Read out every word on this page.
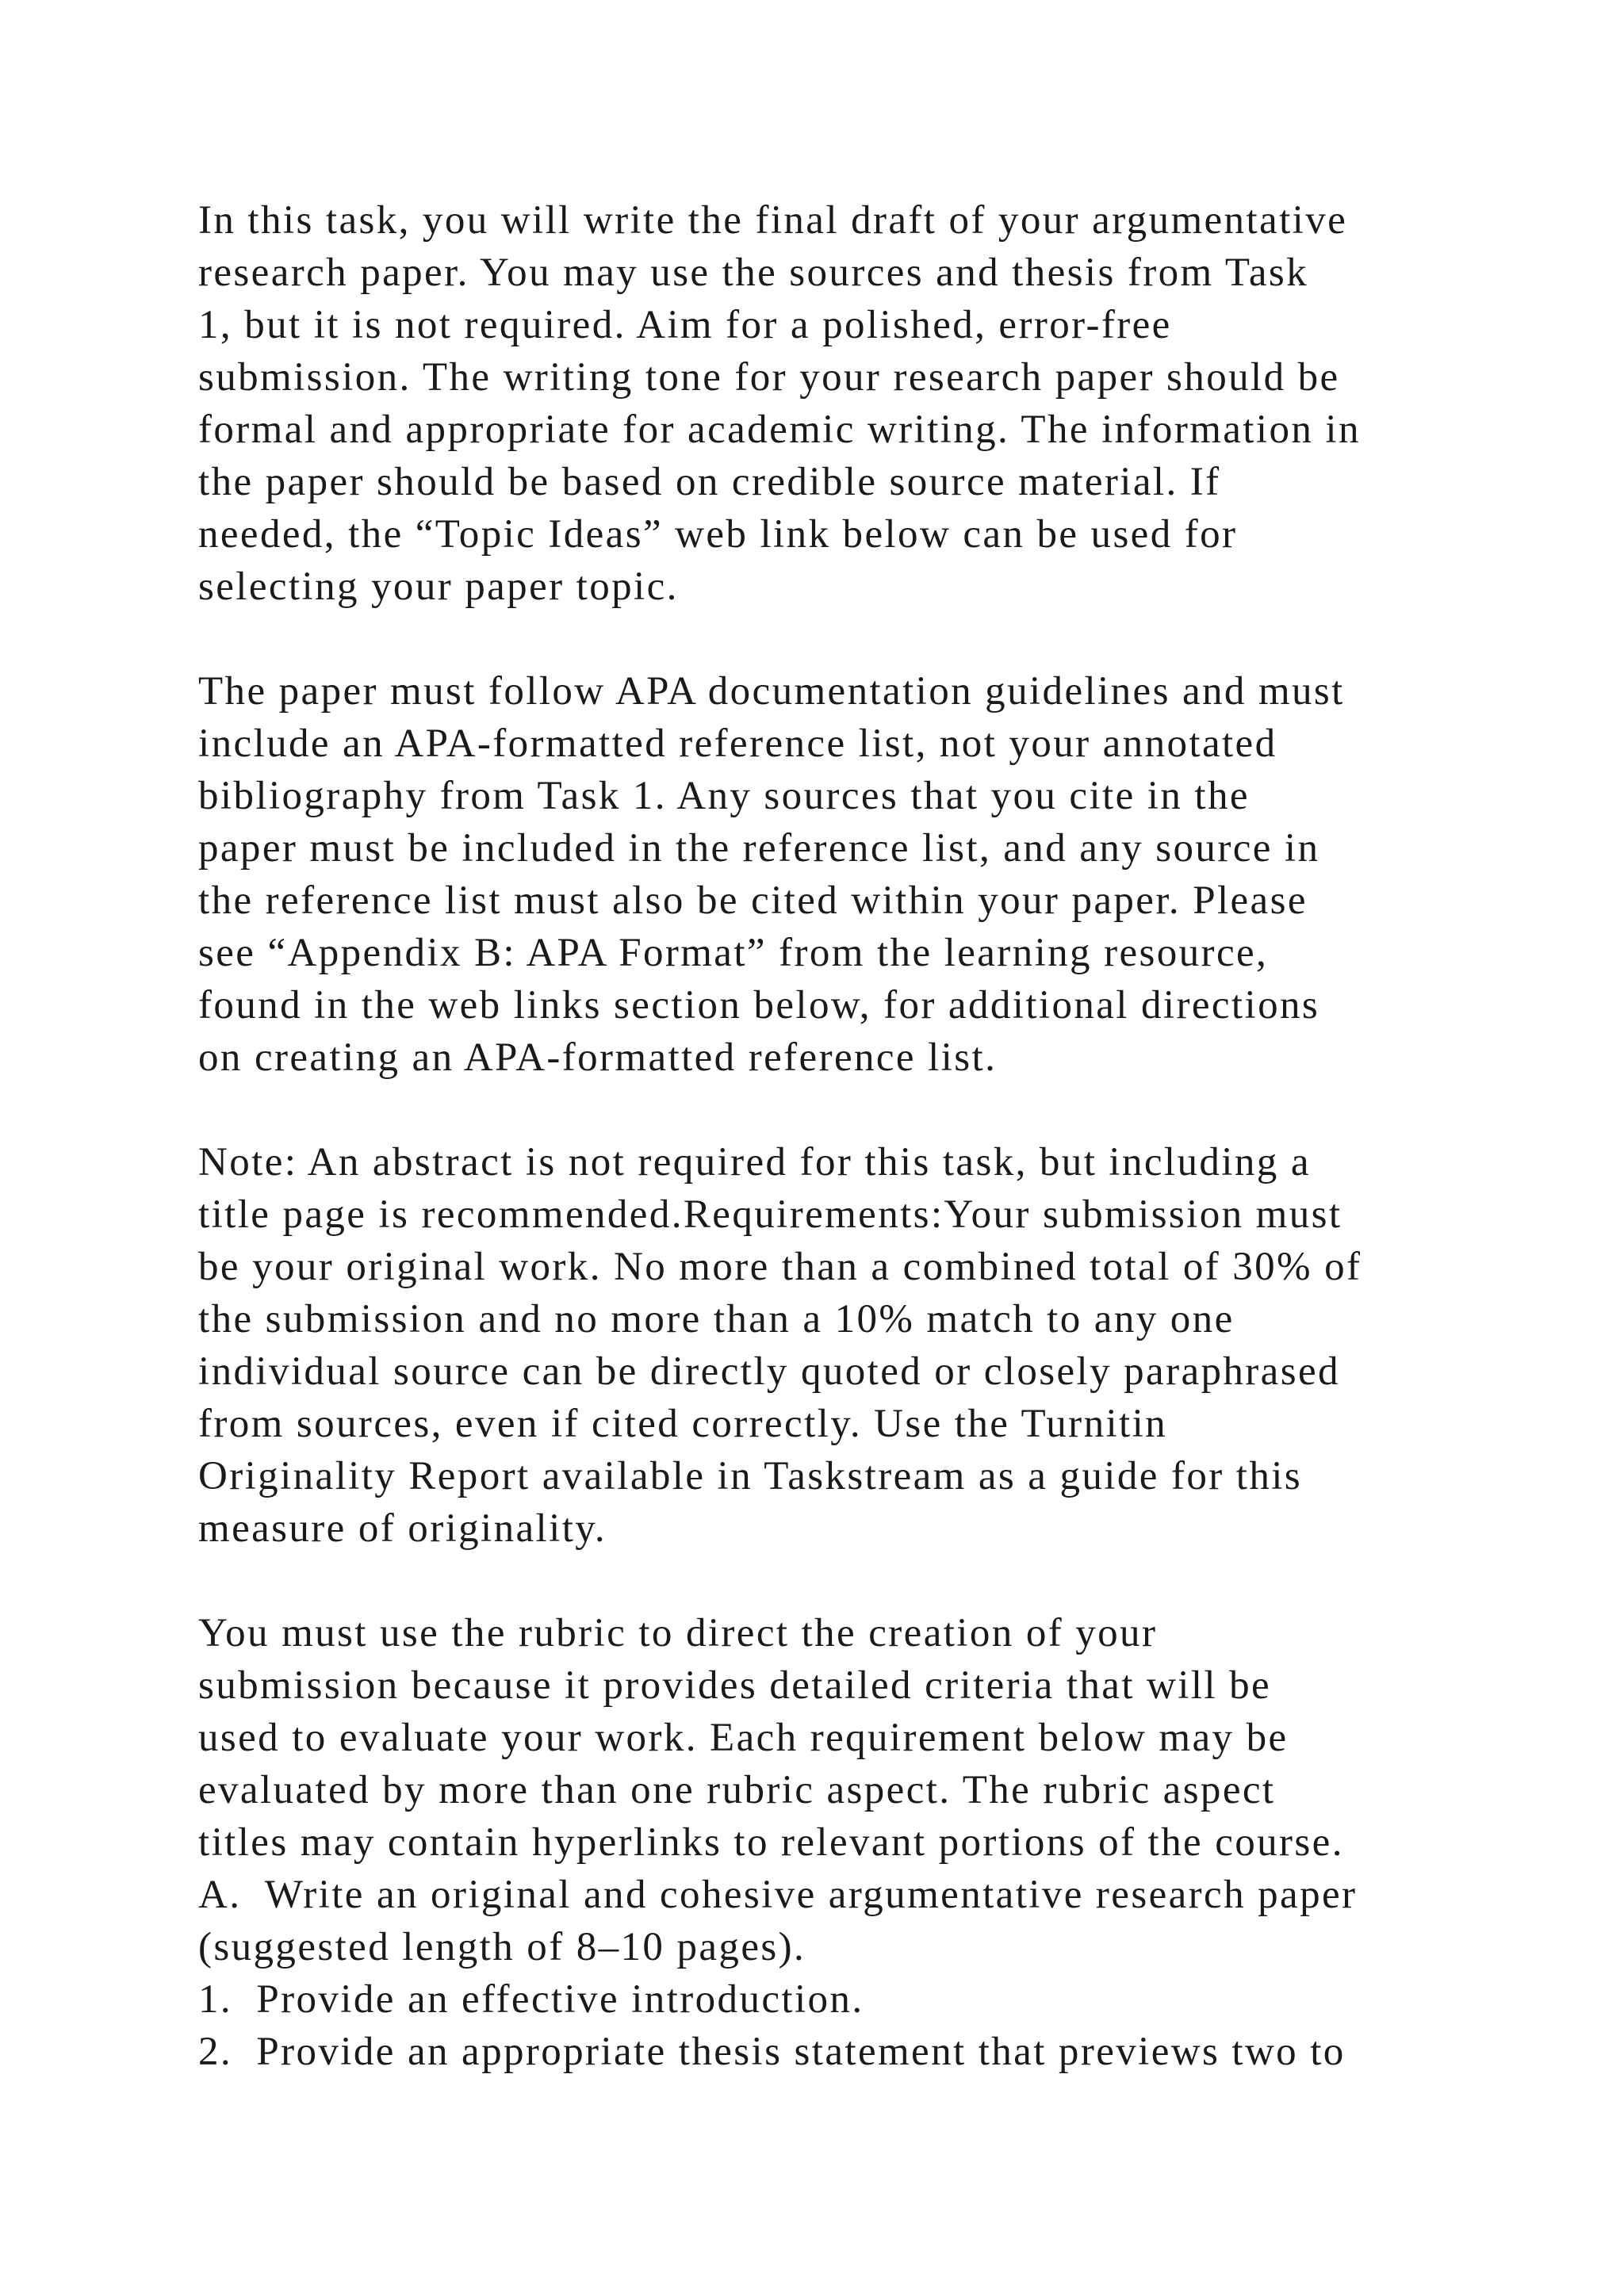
In this task, you will write the final draft of your argumentative
research paper. You may use the sources and thesis from Task
1, but it is not required. Aim for a polished, error-free
submission. The writing tone for your research paper should be
formal and appropriate for academic writing. The information in
the paper should be based on credible source material. If
needed, the “Topic Ideas” web link below can be used for
selecting your paper topic.
The paper must follow APA documentation guidelines and must
include an APA-formatted reference list, not your annotated
bibliography from Task 1. Any sources that you cite in the
paper must be included in the reference list, and any source in
the reference list must also be cited within your paper. Please
see “Appendix B: APA Format” from the learning resource,
found in the web links section below, for additional directions
on creating an APA-formatted reference list.
Note: An abstract is not required for this task, but including a
title page is recommended.Requirements:Your submission must
be your original work. No more than a combined total of 30% of
the submission and no more than a 10% match to any one
individual source can be directly quoted or closely paraphrased
from sources, even if cited correctly. Use the Turnitin
Originality Report available in Taskstream as a guide for this
measure of originality.
You must use the rubric to direct the creation of your
submission because it provides detailed criteria that will be
used to evaluate your work. Each requirement below may be
evaluated by more than one rubric aspect. The rubric aspect
titles may contain hyperlinks to relevant portions of the course.
A.  Write an original and cohesive argumentative research paper
(suggested length of 8–10 pages).
1.  Provide an effective introduction.
2.  Provide an appropriate thesis statement that previews two to
